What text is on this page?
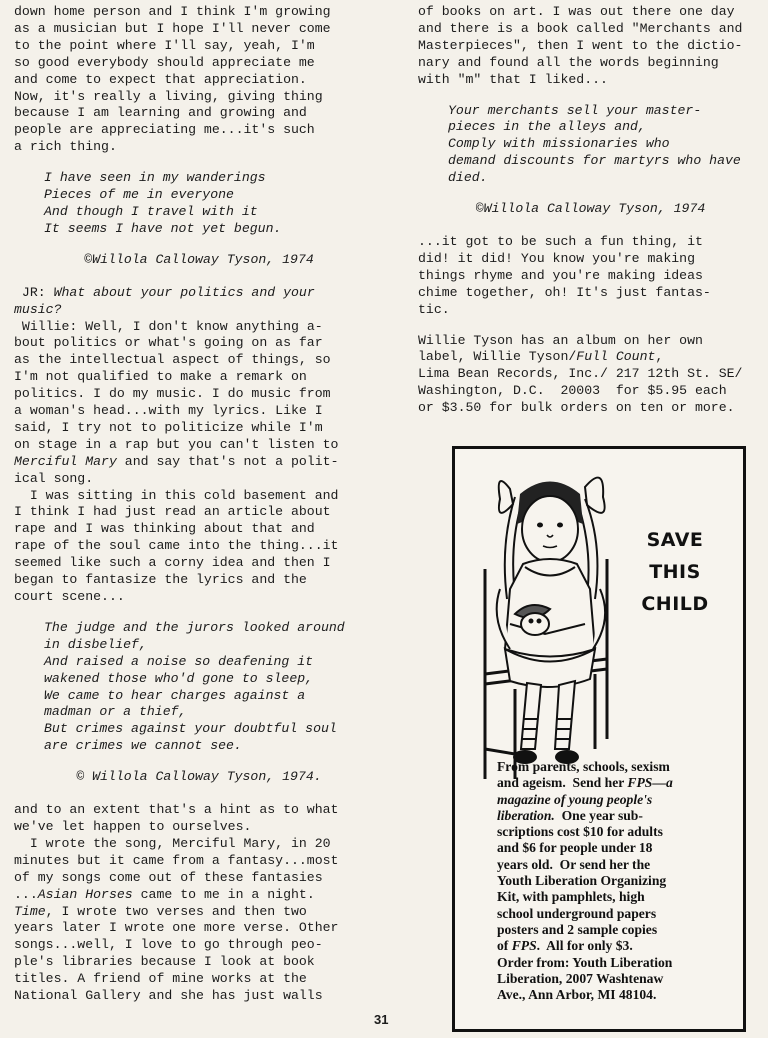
down home person and I think I'm growing
as a musician but I hope I'll never come
to the point where I'll say, yeah, I'm
so good everybody should appreciate me
and come to expect that appreciation.
Now, it's really a living, giving thing
because I am learning and growing and
people are appreciating me...it's such
a rich thing.

I have seen in my wanderings
Pieces of me in everyone
And though I travel with it
It seems I have not yet begun.

©Willola Calloway Tyson, 1974

JR: What about your politics and your
music?

Willie: Well, I don't know anything a-
bout politics or what's going on as far
as the intellectual aspect of things, so
I'm not qualified to make a remark on
politics. I do my music. I do music from
a woman's head...with my lyrics. Like I
said, I try not to politicize while I'm
on stage in a rap but you can't listen to
Merciful Mary and say that's not a polit-
ical song.

I was sitting in this cold basement and
I think I had just read an article about
rape and I was thinking about that and
rape of the soul came into the thing...it
seemed like such a corny idea and then I
began to fantasize the lyrics and the
court scene...

The judge and the jurors looked around
in disbelief,
And raised a noise so deafening it
wakened those who'd gone to sleep,
We came to hear charges against a
madman or a thief,
But crimes against your doubtful soul
are crimes we cannot see.

© Willola Calloway Tyson, 1974.

and to an extent that's a hint as to what
we've let happen to ourselves.

I wrote the song, Merciful Mary, in 20
minutes but it came from a fantasy...most
of my songs come out of these fantasies
...Asian Horses came to me in a night.
Time, I wrote two verses and then two
years later I wrote one more verse. Other
songs...well, I love to go through peo-
ple's libraries because I look at book
titles. A friend of mine works at the
National Gallery and she has just walls

of books on art. I was out there one day
and there is a book called "Merchants and
Masterpieces", then I went to the dictio-
nary and found all the words beginning
with "m" that I liked...

Your merchants sell your master-
pieces in the alleys and,
Comply with missionaries who
demand discounts for martyrs who have
died.

©Willola Calloway Tyson, 1974

...it got to be such a fun thing, it
did! it did! You know you're making
things rhyme and you're making ideas
chime together, oh! It's just fantas-
tic.

Willie Tyson has an album on her own
label, Willie Tyson/Full Count,
Lima Bean Records, Inc./ 217 12th St. SE/
Washington, D.C.  20003  for $5.95 each
or $3.50 for bulk orders on ten or more.

SAVE
THIS
CHILD

From parents, schools, sexism
and ageism.  Send her FPS—a
magazine of young people's
liberation.  One year sub-
scriptions cost $10 for adults
and $6 for people under 18
years old.  Or send her the
Youth Liberation Organizing
Kit, with pamphlets, high
school underground papers
posters and 2 sample copies
of FPS.  All for only $3.
Order from: Youth Liberation
Liberation, 2007 Washtenaw
Ave., Ann Arbor, MI 48104.

31
